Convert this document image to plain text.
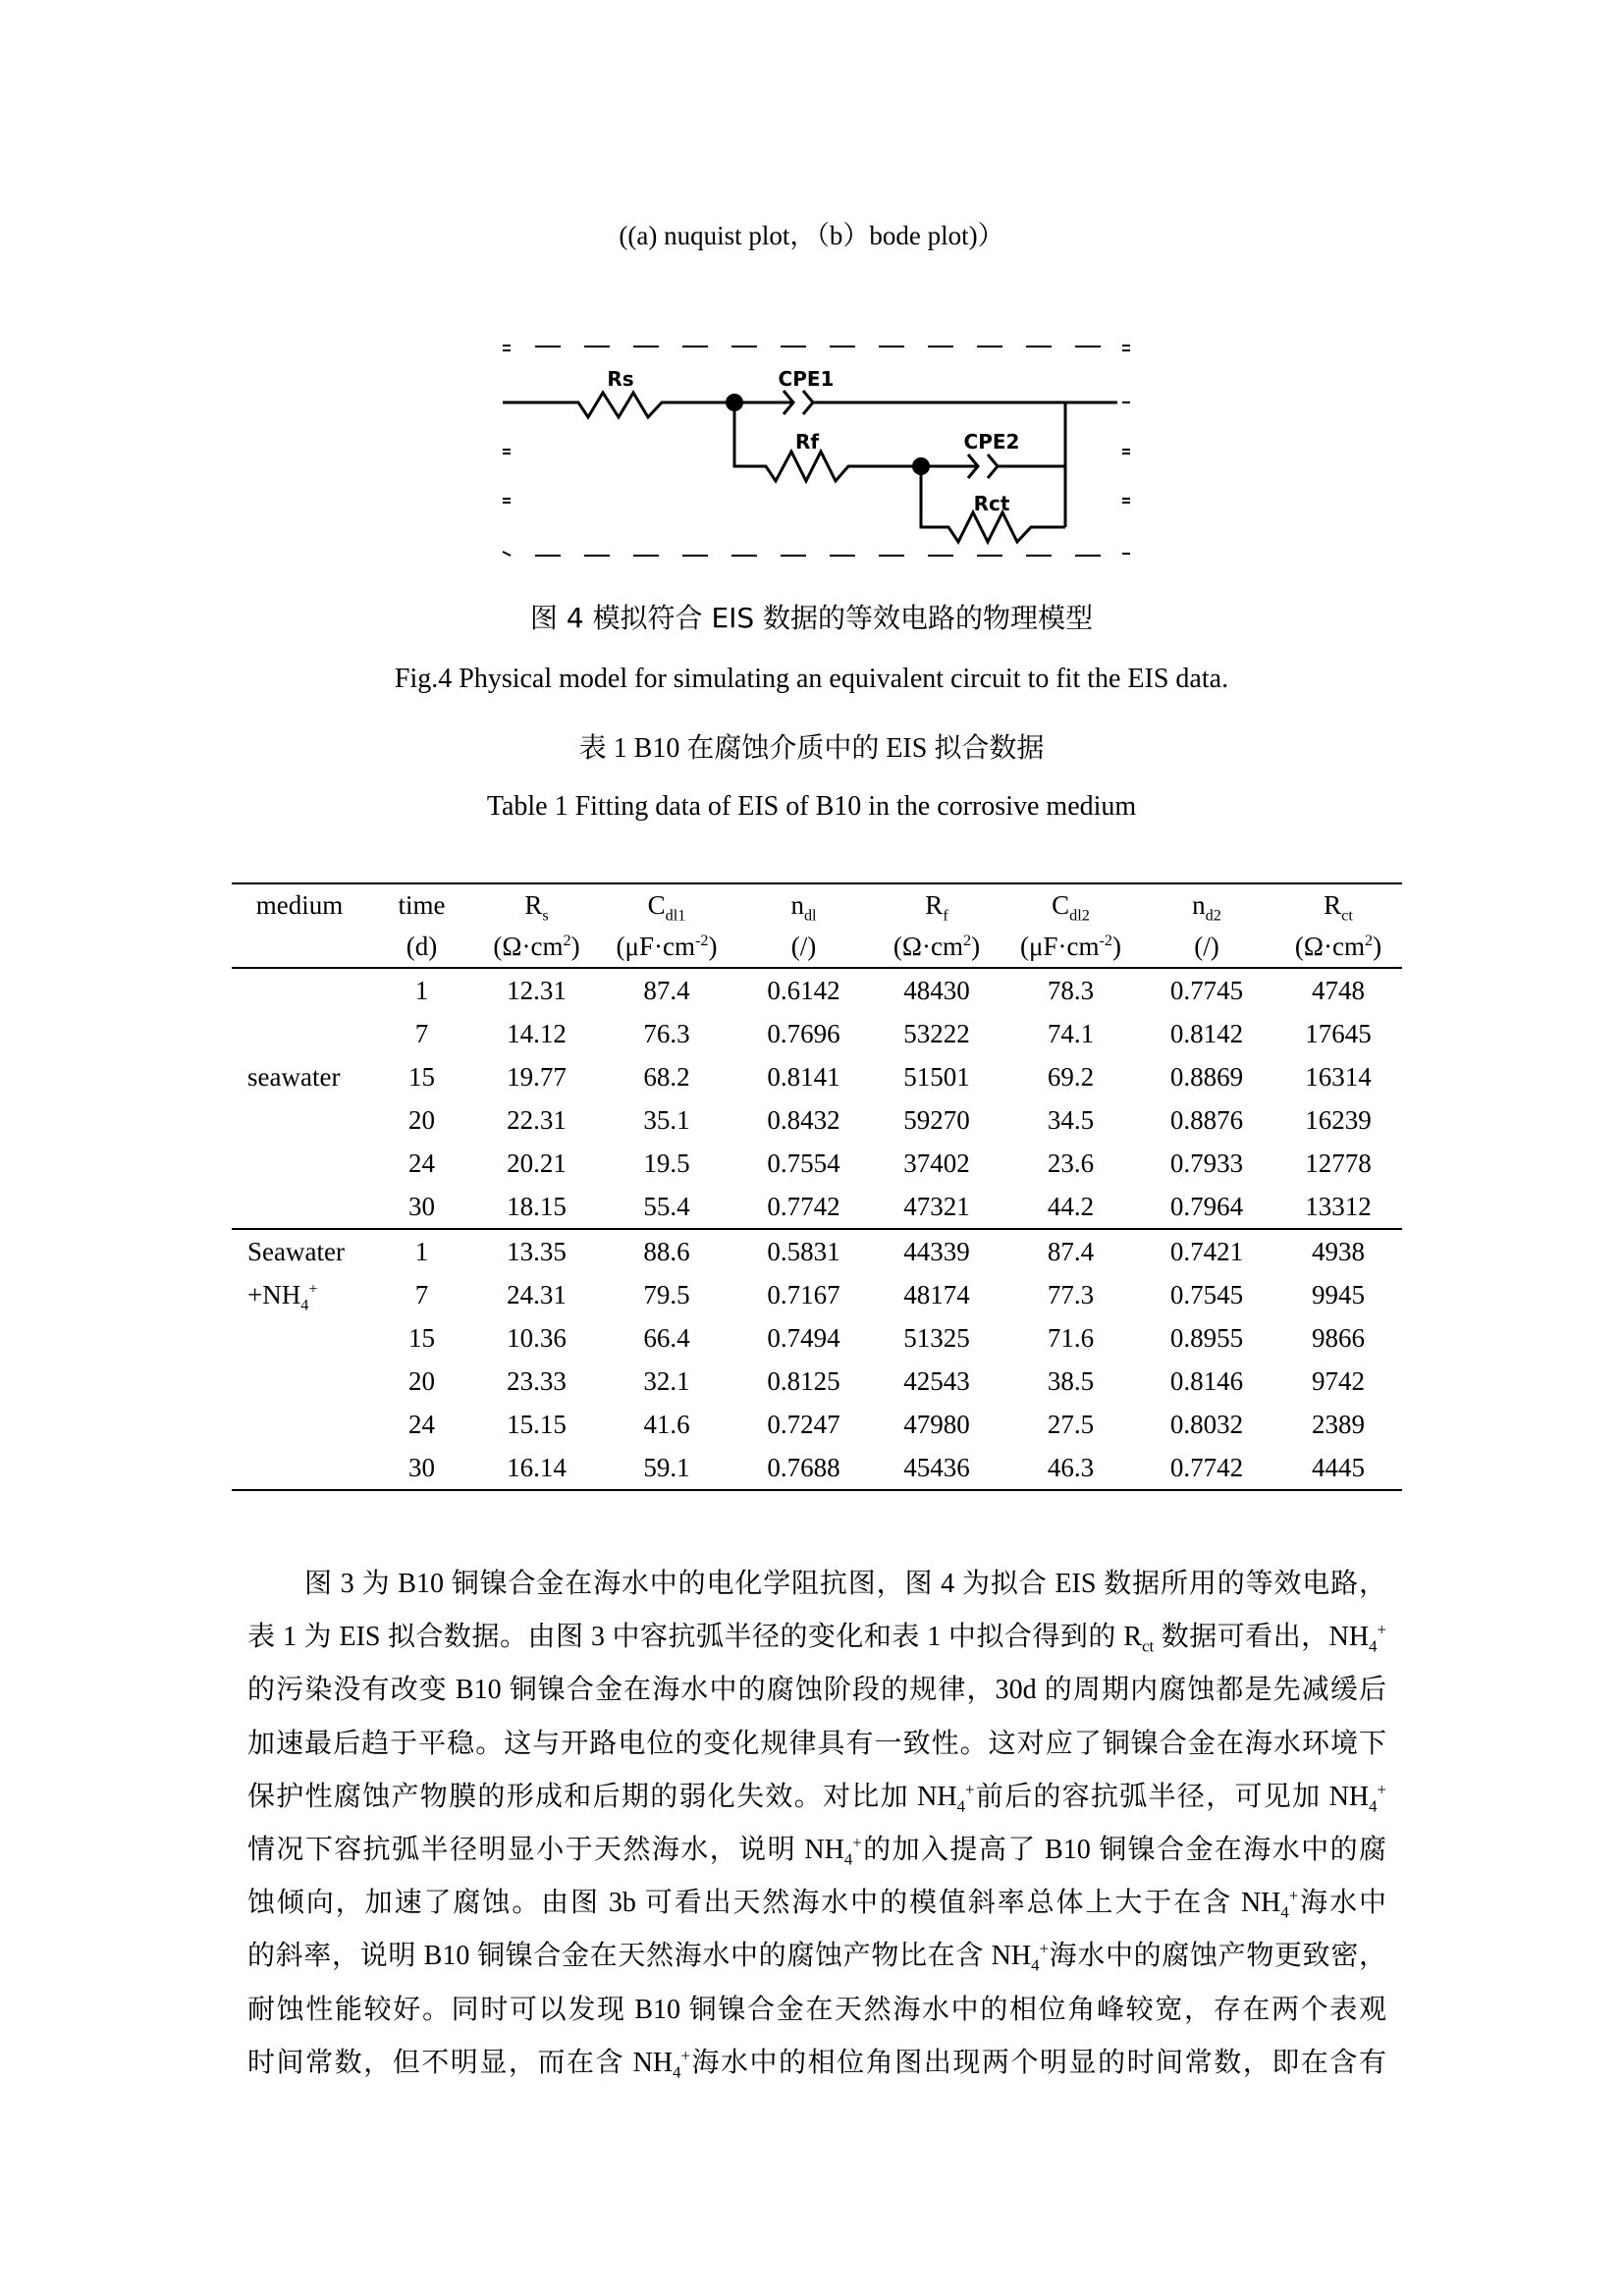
((a) nuquist plot，（b）bode plot)）
Rs	CPE1
Rf	CPE2
Rct
图 4 模拟符合 EIS 数据的等效电路的物理模型
Fig.4 Physical model for simulating an equivalent circuit to fit the EIS data.
表 1 B10 在腐蚀介质中的 EIS 拟合数据
Table 1 Fitting data of EIS of B10 in the corrosive medium
medium	time	$R_s$	$C_{dl1}$	$n_{dl}$	$R_f$	$C_{dl2}$	$n_{d2}$	$R_{ct}$
	(d)	$(\Omega\cdot cm^2)$	$(\mu F\cdot cm^{-2})$	(/)	$(\Omega\cdot cm^2)$	$(\mu F\cdot cm^{-2})$	(/)	$(\Omega\cdot cm^2)$
	1	12.31	87.4	0.6142	48430	78.3	0.7745	4748
	7	14.12	76.3	0.7696	53222	74.1	0.8142	17645
seawater	15	19.77	68.2	0.8141	51501	69.2	0.8869	16314
	20	22.31	35.1	0.8432	59270	34.5	0.8876	16239
	24	20.21	19.5	0.7554	37402	23.6	0.7933	12778
	30	18.15	55.4	0.7742	47321	44.2	0.7964	13312
Seawater	1	13.35	88.6	0.5831	44339	87.4	0.7421	4938
$+NH_4^+$	7	24.31	79.5	0.7167	48174	77.3	0.7545	9945
	15	10.36	66.4	0.7494	51325	71.6	0.8955	9866
	20	23.33	32.1	0.8125	42543	38.5	0.8146	9742
	24	15.15	41.6	0.7247	47980	27.5	0.8032	2389
	30	16.14	59.1	0.7688	45436	46.3	0.7742	4445
图 3 为 B10 铜镍合金在海水中的电化学阻抗图，图 4 为拟合 EIS 数据所用的等效电路，
表 1 为 EIS 拟合数据。由图 3 中容抗弧半径的变化和表 1 中拟合得到的 $R_{ct}$ 数据可看出，$NH_4^+$
的污染没有改变 B10 铜镍合金在海水中的腐蚀阶段的规律，30d 的周期内腐蚀都是先减缓后
加速最后趋于平稳。这与开路电位的变化规律具有一致性。这对应了铜镍合金在海水环境下
保护性腐蚀产物膜的形成和后期的弱化失效。对比加 $NH_4^+$前后的容抗弧半径，可见加 $NH_4^+$
情况下容抗弧半径明显小于天然海水，说明 $NH_4^+$的加入提高了 B10 铜镍合金在海水中的腐
蚀倾向，加速了腐蚀。由图 3b 可看出天然海水中的模值斜率总体上大于在含 $NH_4^+$海水中
的斜率，说明 B10 铜镍合金在天然海水中的腐蚀产物比在含 $NH_4^+$海水中的腐蚀产物更致密，
耐蚀性能较好。同时可以发现 B10 铜镍合金在天然海水中的相位角峰较宽，存在两个表观
时间常数，但不明显，而在含 $NH_4^+$海水中的相位角图出现两个明显的时间常数，即在含有
